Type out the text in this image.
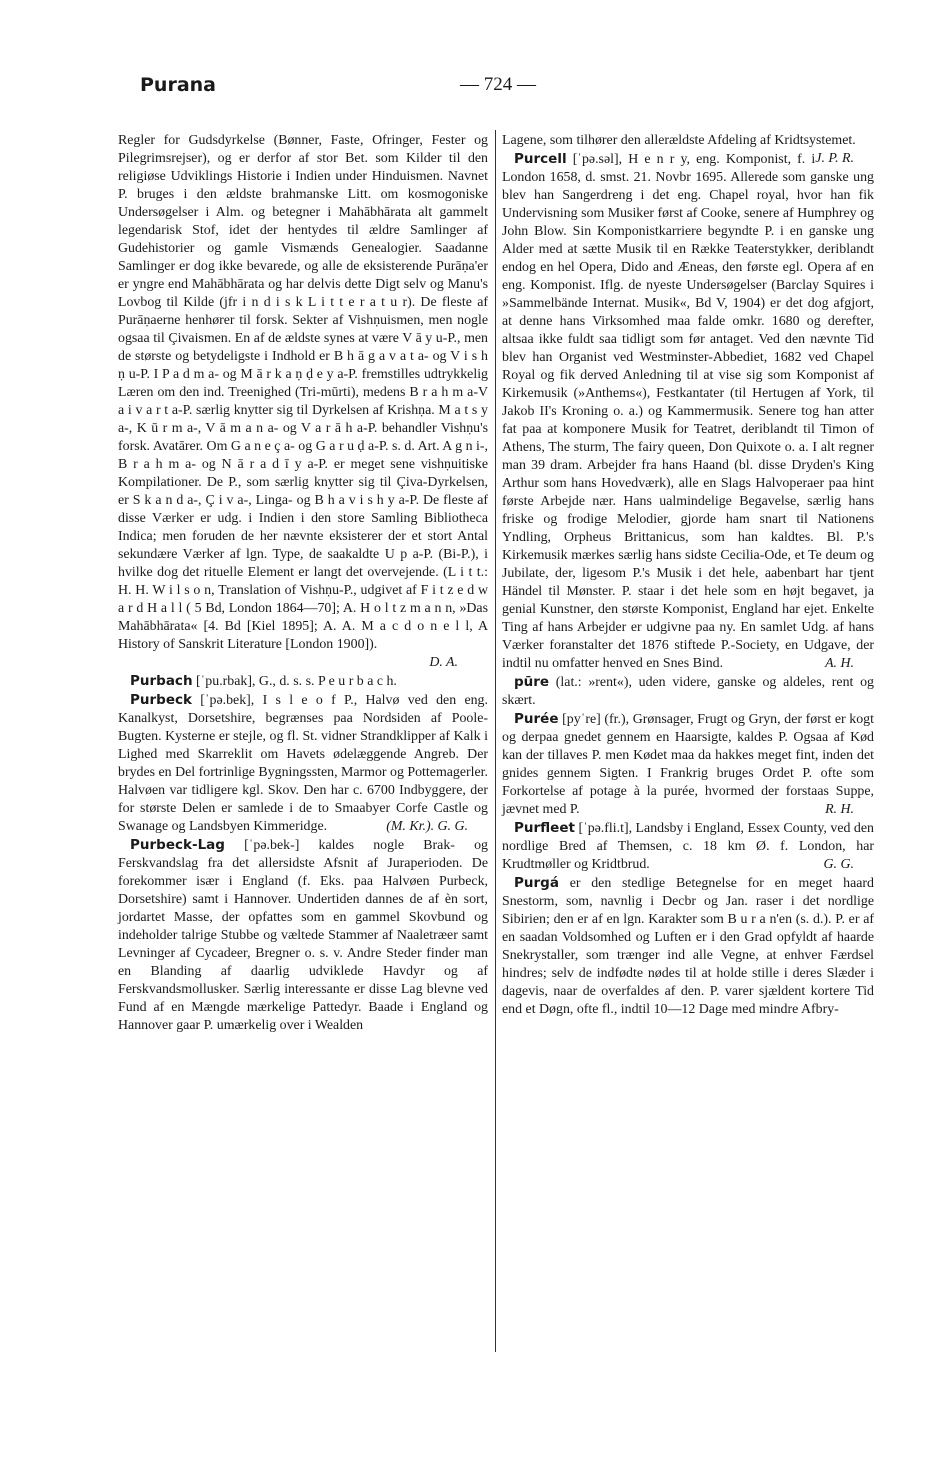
Purana	— 724 —

Regler for Gudsdyrkelse (Bønner, Faste, Ofringer, Fester og Pilegrimsrejser), og er derfor af stor Bet. som Kilder til den religiøse Udviklings Historie i Indien under Hinduismen. Navnet P. bruges i den ældste brahmanske Litt. om kosmogoniske Undersøgelser i Alm. og betegner i Mahābhārata alt gammelt legendarisk Stof, idet der hentydes til ældre Samlinger af Gudehistorier og gamle Vismænds Genealogier. Saadanne Samlinger er dog ikke bevarede, og alle de eksisterende Purāṇa'er er yngre end Mahābhārata og har delvis dette Digt selv og Manu's Lovbog til Kilde (jfr i n d i s k L i t t e r a t u r). De fleste af Purāṇaerne henhører til forsk. Sekter af Vishṇuismen, men nogle ogsaa til Çivaismen. En af de ældste synes at være V ā y u-P., men de største og betydeligste i Indhold er B h ā g a v a t a- og V i s h ṇ u-P. I P a d m a- og M ā r k a ṇ ḍ e y a-P. fremstilles udtrykkelig Læren om den ind. Treenighed (Tri-mūrti), medens B r a h m a-V a i v a r t a-P. særlig knytter sig til Dyrkelsen af Krishṇa. M a t s y a-, K ū r m a-, V ā m a n a- og V a r ā h a-P. behandler Vishṇu's forsk. Avatārer. Om G a n e ç a- og G a r u ḍ a-P. s. d. Art. A g n i-, B r a h m a- og N ā r a d ī y a-P. er meget sene vishṇuitiske Kompilationer. De P., som særlig knytter sig til Çiva-Dyrkelsen, er S k a n d a-, Ç i v a-, Linga- og B h a v i s h y a-P. De fleste af disse Værker er udg. i Indien i den store Samling Bibliotheca Indica; men foruden de her nævnte eksisterer der et stort Antal sekundære Værker af lgn. Type, de saakaldte U p a-P. (Bi-P.), i hvilke dog det rituelle Element er langt det overvejende. (L i t t.: H. H. W i l s o n, Translation of Vishṇu-P., udgivet af F i t z e d w a r d H a l l ( 5 Bd, London 1864—70]; A. H o l t z m a n n, »Das Mahābhārata« [4. Bd [Kiel 1895]; A. A. M a c d o n e l l, A History of Sanskrit Literature [London 1900]).

D. A.

Purbach [ˈpu.rbak], G., d. s. s. P e u r b a c h.

Purbeck [ˈpə.bek], I s l e o f P., Halvø ved den eng. Kanalkyst, Dorsetshire, begrænses paa Nordsiden af Poole-Bugten. Kysterne er stejle, og fl. St. vidner Strandklipper af Kalk i Lighed med Skarreklit om Havets ødelæggende Angreb. Der brydes en Del fortrinlige Bygningssten, Marmor og Pottemagerler. Halvøen var tidligere kgl. Skov. Den har c. 6700 Indbyggere, der for største Delen er samlede i de to Smaabyer Corfe Castle og Swanage og Landsbyen Kimmeridge.	(M. Kr.). G. G.

Purbeck-Lag [ˈpə.bek-] kaldes nogle Brak- og Ferskvandslag fra det allersidste Afsnit af Juraperioden. De forekommer især i England (f. Eks. paa Halvøen Purbeck, Dorsetshire) samt i Hannover. Undertiden dannes de af èn sort, jordartet Masse, der opfattes som en gammel Skovbund og indeholder talrige Stubbe og væltede Stammer af Naaletræer samt Levninger af Cycadeer, Bregner o. s. v. Andre Steder finder man en Blanding af daarlig udviklede Havdyr og af Ferskvandsmollusker. Særlig interessante er disse Lag blevne ved Fund af en Mængde mærkelige Pattedyr. Baade i England og Hannover gaar P. umærkelig over i Wealden

Lagene, som tilhører den allerældste Afdeling af Kridtsystemet.
J. P. R.

Purcell [ˈpə.səl], H e n r y, eng. Komponist, f. i London 1658, d. smst. 21. Novbr 1695. Allerede som ganske ung blev han Sangerdreng i det eng. Chapel royal, hvor han fik Undervisning som Musiker først af Cooke, senere af Humphrey og John Blow. Sin Komponistkarriere begyndte P. i en ganske ung Alder med at sætte Musik til en Række Teaterstykker, deriblandt endog en hel Opera, Dido and Æneas, den første egl. Opera af en eng. Komponist. Iflg. de nyeste Undersøgelser (Barclay Squires i »Sammelbände Internat. Musik«, Bd V, 1904) er det dog afgjort, at denne hans Virksomhed maa falde omkr. 1680 og derefter, altsaa ikke fuldt saa tidligt som før antaget. Ved den nævnte Tid blev han Organist ved Westminster-Abbediet, 1682 ved Chapel Royal og fik derved Anledning til at vise sig som Komponist af Kirkemusik (»Anthems«), Festkantater (til Hertugen af York, til Jakob II's Kroning o. a.) og Kammermusik. Senere tog han atter fat paa at komponere Musik for Teatret, deriblandt til Timon of Athens, The sturm, The fairy queen, Don Quixote o. a. I alt regner man 39 dram. Arbejder fra hans Haand (bl. disse Dryden's King Arthur som hans Hovedværk), alle en Slags Halvoperaer paa hint første Arbejde nær. Hans ualmindelige Begavelse, særlig hans friske og frodige Melodier, gjorde ham snart til Nationens Yndling, Orpheus Brittanicus, som han kaldtes. Bl. P.'s Kirkemusik mærkes særlig hans sidste Cecilia-Ode, et Te deum og Jubilate, der, ligesom P.'s Musik i det hele, aabenbart har tjent Händel til Mønster. P. staar i det hele som en højt begavet, ja genial Kunstner, den største Komponist, England har ejet. Enkelte Ting af hans Arbejder er udgivne paa ny. En samlet Udg. af hans Værker foranstalter det 1876 stiftede P.-Society, en Udgave, der indtil nu omfatter henved en Snes Bind.	A. H.

pūre (lat.: »rent«), uden videre, ganske og aldeles, rent og skært.

Purée [pyˈre] (fr.), Grønsager, Frugt og Gryn, der først er kogt og derpaa gnedet gennem en Haarsigte, kaldes P. Ogsaa af Kød kan der tillaves P. men Kødet maa da hakkes meget fint, inden det gnides gennem Sigten. I Frankrig bruges Ordet P. ofte som Forkortelse af potage à la purée, hvormed der forstaas Suppe, jævnet med P.	R. H.

Purfleet [ˈpə.fli.t], Landsby i England, Essex County, ved den nordlige Bred af Themsen, c. 18 km Ø. f. London, har Krudtmøller og Kridtbrud.	G. G.

Purgá er den stedlige Betegnelse for en meget haard Snestorm, som, navnlig i Decbr og Jan. raser i det nordlige Sibirien; den er af en lgn. Karakter som B u r a n'en (s. d.). P. er af en saadan Voldsomhed og Luften er i den Grad opfyldt af haarde Snekrystaller, som trænger ind alle Vegne, at enhver Færdsel hindres; selv de indfødte nødes til at holde stille i deres Slæder i dagevis, naar de overfaldes af den. P. varer sjældent kortere Tid end et Døgn, ofte fl., indtil 10—12 Dage med mindre Afbry-
